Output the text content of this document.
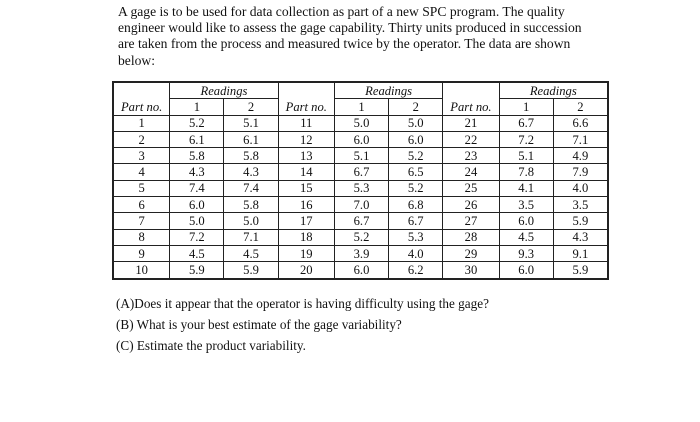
A gage is to be used for data collection as part of a new SPC program. The quality engineer would like to assess the gage capability. Thirty units produced in succession are taken from the process and measured twice by the operator. The data are shown below:

	Readings			Readings			Readings	
Part no.	1	2	Part no.	1	2	Part no.	1	2
1	5.2	5.1	11	5.0	5.0	21	6.7	6.6
2	6.1	6.1	12	6.0	6.0	22	7.2	7.1
3	5.8	5.8	13	5.1	5.2	23	5.1	4.9
4	4.3	4.3	14	6.7	6.5	24	7.8	7.9
5	7.4	7.4	15	5.3	5.2	25	4.1	4.0
6	6.0	5.8	16	7.0	6.8	26	3.5	3.5
7	5.0	5.0	17	6.7	6.7	27	6.0	5.9
8	7.2	7.1	18	5.2	5.3	28	4.5	4.3
9	4.5	4.5	19	3.9	4.0	29	9.3	9.1
10	5.9	5.9	20	6.0	6.2	30	6.0	5.9
(A)Does it appear that the operator is having difficulty using the gage?
(B) What is your best estimate of the gage variability?
(C) Estimate the product variability.
